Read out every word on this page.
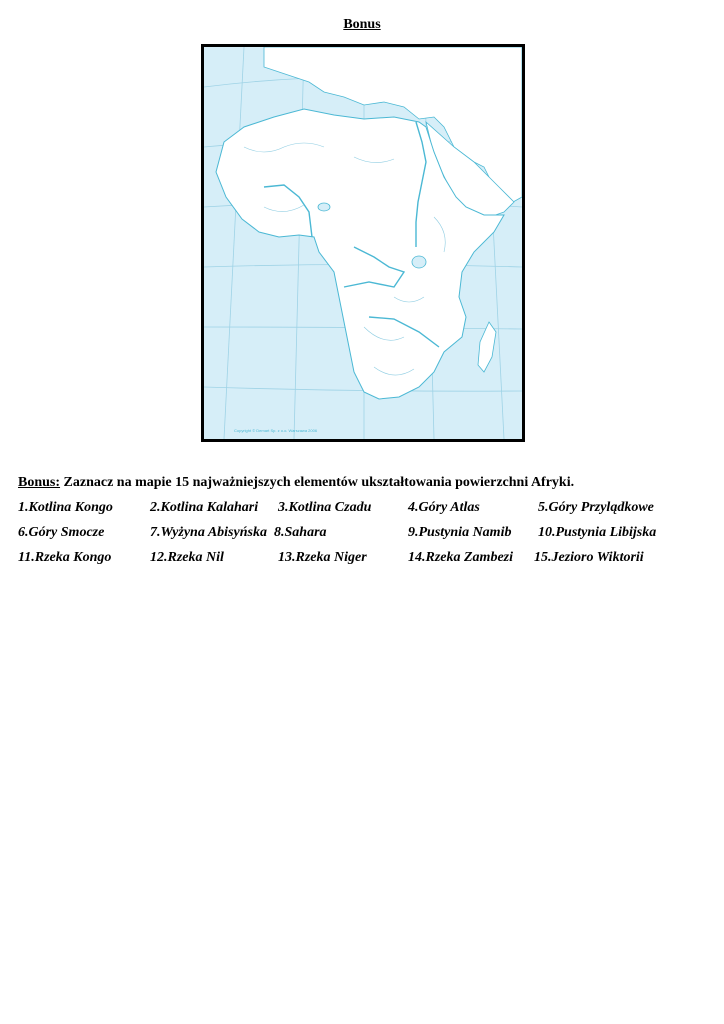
Bonus
Copyright © Demart Sp. z o.o. Warszawa 2006
Bonus: Zaznacz na mapie 15 najważniejszych elementów ukształtowania powierzchni Afryki.
1.Kotlina Kongo	2.Kotlina Kalahari 3.Kotlina Czadu	4.Góry Atlas	5.Góry Przylądkowe
6.Góry Smocze	7.Wyżyna Abisyńska 8.Sahara	9.Pustynia Namib 10.Pustynia Libijska
11.Rzeka Kongo	12.Rzeka Nil	13.Rzeka Niger	14.Rzeka Zambezi 15.Jezioro Wiktorii
